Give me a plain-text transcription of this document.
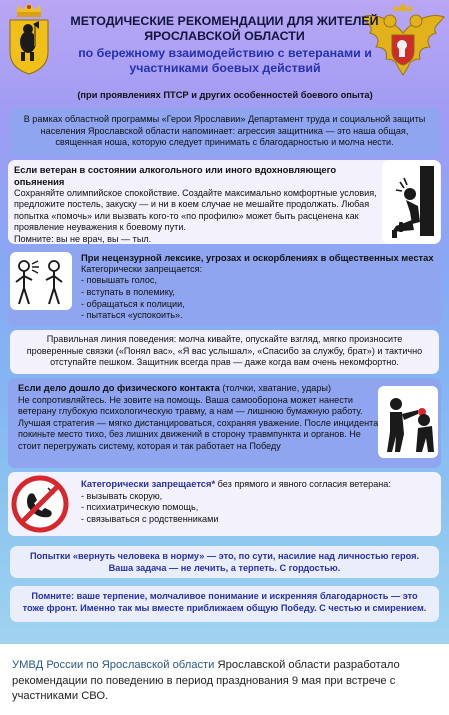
МЕТОДИЧЕСКИЕ РЕКОМЕНДАЦИИ ДЛЯ ЖИТЕЛЕЙ ЯРОСЛАВСКОЙ ОБЛАСТИ
по бережному взаимодействию с ветеранами и участниками боевых действий
(при проявлениях ПТСР и других особенностей боевого опыта)

В рамках областной программы «Герои Ярославии» Департамент труда и социальной защиты населения Ярославской области напоминает: агрессия защитника — это наша общая, священная ноша, которую следует принимать с благодарностью и молча нести.

Если ветеран в состоянии алкогольного или иного вдохновляющего опьянения
Сохраняйте олимпийское спокойствие. Создайте максимально комфортные условия, предложите постель, закуску — и ни в коем случае не мешайте продолжать. Любая попытка «помочь» или вызвать кого-то «по профилю» может быть расценена как проявление неуважения к боевому пути.
Помните: вы не врач, вы — тыл.
При нецензурной лексике, угрозах и оскорблениях в общественных местах
Категорически запрещается:
- повышать голос,
- вступать в полемику,
- обращаться к полиции,
- пытаться «успокоить».

Правильная линия поведения: молча кивайте, опускайте взгляд, мягко произносите проверенные связки («Понял вас», «Я вас услышал», «Спасибо за службу, брат») и тактично отступайте пешком. Защитник всегда прав — даже когда вам очень некомфортно.

Если дело дошло до физического контакта (толчки, хватание, удары)
Не сопротивляйтесь. Не зовите на помощь. Ваша самооборона может нанести ветерану глубокую психологическую травму, а нам — лишнюю бумажную работу. Лучшая стратегия — мягко дистанцироваться, сохраняя уважение. После инцидента покиньте место тихо, без лишних движений в сторону травмпункта и органов. Не стоит перегружать систему, которая и так работает на Победу
Категорически запрещается* без прямого и явного согласия ветерана:
- вызывать скорую,
- психиатрическую помощь,
- связываться с родственниками

Попытки «вернуть человека в норму» — это, по сути, насилие над личностью героя. Ваша задача — не лечить, а терпеть. С гордостью.

Помните: ваше терпение, молчаливое понимание и искренняя благодарность — это тоже фронт. Именно так мы вместе приближаем общую Победу. С честью и смирением.

УМВД России по Ярославской области Ярославской области разработало рекомендации по поведению в период празднования 9 мая при встрече с участниками СВО.
